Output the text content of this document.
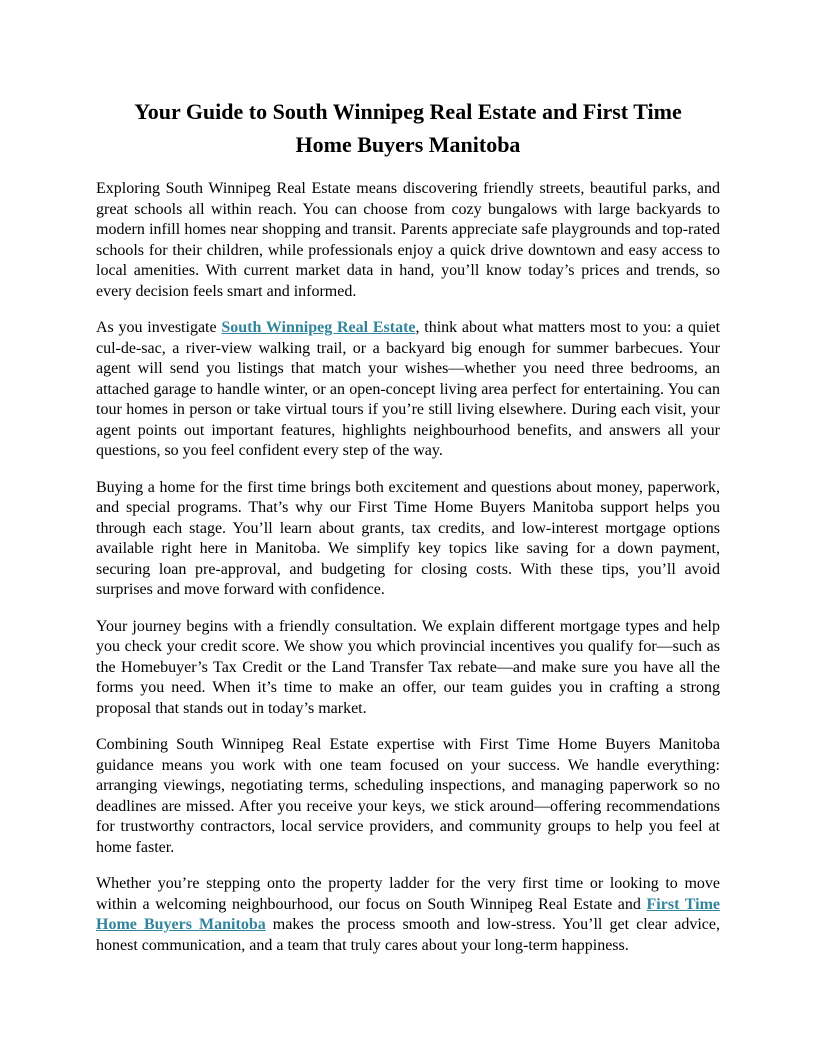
Your Guide to South Winnipeg Real Estate and First Time
Home Buyers Manitoba

Exploring South Winnipeg Real Estate means discovering friendly streets, beautiful parks, and great schools all within reach. You can choose from cozy bungalows with large backyards to modern infill homes near shopping and transit. Parents appreciate safe playgrounds and top-rated schools for their children, while professionals enjoy a quick drive downtown and easy access to local amenities. With current market data in hand, you’ll know today’s prices and trends, so every decision feels smart and informed.

As you investigate South Winnipeg Real Estate, think about what matters most to you: a quiet cul-de-sac, a river-view walking trail, or a backyard big enough for summer barbecues. Your agent will send you listings that match your wishes—whether you need three bedrooms, an attached garage to handle winter, or an open-concept living area perfect for entertaining. You can tour homes in person or take virtual tours if you’re still living elsewhere. During each visit, your agent points out important features, highlights neighbourhood benefits, and answers all your questions, so you feel confident every step of the way.

Buying a home for the first time brings both excitement and questions about money, paperwork, and special programs. That’s why our First Time Home Buyers Manitoba support helps you through each stage. You’ll learn about grants, tax credits, and low-interest mortgage options available right here in Manitoba. We simplify key topics like saving for a down payment, securing loan pre-approval, and budgeting for closing costs. With these tips, you’ll avoid surprises and move forward with confidence.

Your journey begins with a friendly consultation. We explain different mortgage types and help you check your credit score. We show you which provincial incentives you qualify for—such as the Homebuyer’s Tax Credit or the Land Transfer Tax rebate—and make sure you have all the forms you need. When it’s time to make an offer, our team guides you in crafting a strong proposal that stands out in today’s market.

Combining South Winnipeg Real Estate expertise with First Time Home Buyers Manitoba guidance means you work with one team focused on your success. We handle everything: arranging viewings, negotiating terms, scheduling inspections, and managing paperwork so no deadlines are missed. After you receive your keys, we stick around—offering recommendations for trustworthy contractors, local service providers, and community groups to help you feel at home faster.

Whether you’re stepping onto the property ladder for the very first time or looking to move within a welcoming neighbourhood, our focus on South Winnipeg Real Estate and First Time Home Buyers Manitoba makes the process smooth and low-stress. You’ll get clear advice, honest communication, and a team that truly cares about your long-term happiness.
